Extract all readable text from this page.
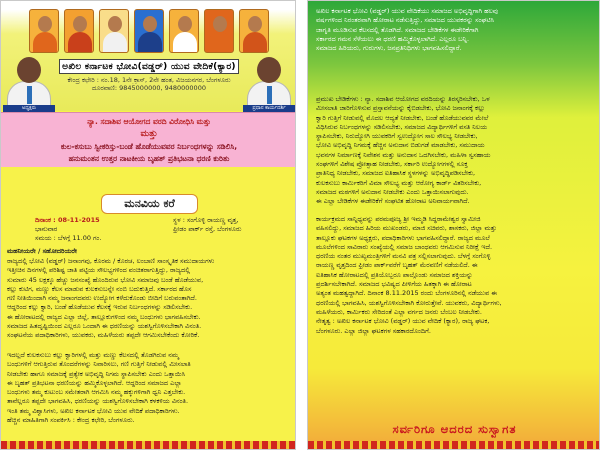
ಅಖಿಲ ಕರ್ನಾಟಕ ಭೋವಿ(ವಡ್ಡರ್) ಯುವ ವೇದಿಕೆ(ಕ್ಯಾರ)
ಕೇಂದ್ರ ಕಛೇರಿ : ನಂ.18, 1ನೇ ಕ್ರಾಸ್, 2ನೇ ಹಂತ, ವಿಜಯನಗರ, ಬೆಂಗಳೂರು
ದೂರವಾಣಿ: 9845000000, 9480000000
ಅಧ್ಯಕ್ಷರು	ಪ್ರಧಾನ ಕಾರ್ಯದರ್ಶಿ
ನ್ಯಾ. ಸದಾಶಿವ ಆಯೋಗದ ವರದಿ ವಿರೋಧಿಸಿ ಮತ್ತು
ಮತ್ತು
ಕುಲ-ಕಸುಬು ಸ್ವೀಕರಿಸ್ತು-ಬಂಡೆ ಹೊಡೆಯುವವರ ನಿರ್ಬಂಧಗಳನ್ನು ಸಡಿಲಿಸಿ,
ಹನುಮಂತನ ಉತ್ತರ ನಾಟಕೀಯ ಬೃಹತ್ ಪ್ರತಿಭಟನಾ ಧರಣಿ ಕುರಿತು
ಮನವಿಯ ಕರೆ
ದಿನಾಂಕ : 08-11-2015
ಭಾನುವಾರ
ಸಮಯ : ಬೆಳಗ್ಗೆ 11.00 ಗಂ.
ಸ್ಥಳ : ಸಂಗೊಳ್ಳಿ ರಾಯಣ್ಣ ವೃತ್ತ,
ಫ್ರೀಡಂ ಪಾರ್ಕ್ ರಸ್ತೆ, ಬೆಂಗಳೂರು
ಮಹನೀಯರೇ / ಸಹೋದರಿಯರೇ
ರಾಜ್ಯದಲ್ಲಿ ಭೋವಿ (ವಡ್ಡರ್) ಜನಾಂಗವು, ಕೊರಮ / ಕೊರಚ, ಲಂಬಾಣಿ ಸಾಂಸ್ಕೃತಿಕ ಸಮುದಾಯಗಳು
ಇತ್ತೀಚಿನ ದಿನಗಳಲ್ಲಿ ಪರಿಶಿಷ್ಟ ಜಾತಿ ಪಟ್ಟಿಯ ಸೌಲಭ್ಯಗಳಿಂದ ವಂಚಿತರಾಗುತ್ತಿದ್ದು, ರಾಜ್ಯದಲ್ಲಿ
ಸುಮಾರು 45 ಲಕ್ಷಕ್ಕೂ ಹೆಚ್ಚು ಜನಸಂಖ್ಯೆ ಹೊಂದಿರುವ ಭೋವಿ ಸಮಾಜವು ಬಂಡೆ ಹೊಡೆಯುವ,
ಕಲ್ಲು ಕುಟಿಗ, ಮಣ್ಣು ಕೆಲಸ ಮಾಡುವ ಕುಲಕಸುಬನ್ನೇ ನಂಬಿ ಬದುಕುತ್ತಿದೆ. ಸರ್ಕಾರದ ಹೊಸ
ಗಣಿ ನೀತಿಯಿಂದಾಗಿ ನಮ್ಮ ಜನಾಂಗದವರು ಉದ್ಯೋಗ ಕಳೆದುಕೊಂಡು ಬೀದಿಗೆ ಬರುವಂತಾಗಿದೆ.
ಆದ್ದರಿಂದ ಕಲ್ಲು ಕ್ವಾರಿ, ಬಂಡೆ ಹೊಡೆಯುವ ಕೆಲಸಕ್ಕೆ ಇರುವ ನಿರ್ಬಂಧಗಳನ್ನು ಸಡಿಲಿಸಬೇಕು.
ಈ ಹೋರಾಟದಲ್ಲಿ ರಾಜ್ಯದ ಎಲ್ಲಾ ಜಿಲ್ಲೆ, ತಾಲ್ಲೂಕುಗಳಿಂದ ನಮ್ಮ ಬಂಧುಗಳು ಭಾಗವಹಿಸಬೇಕು.
ಸಮಾಜದ ಹಿತದೃಷ್ಟಿಯಿಂದ ಎಲ್ಲರೂ ಒಂದಾಗಿ ಈ ಧರಣಿಯನ್ನು ಯಶಸ್ವಿಗೊಳಿಸಬೇಕಾಗಿ ವಿನಂತಿ.
ಸಂಘಟನೆಯ ಪದಾಧಿಕಾರಿಗಳು, ಯುವಕರು, ಮಹಿಳೆಯರು ತಪ್ಪದೇ ಆಗಮಿಸಬೇಕೆಂದು ಕೋರಿಕೆ.
ಇದಲ್ಲದೆ ಕುಲಕಸುಬು ಕಲ್ಲು ಕ್ವಾರಿಗಳಲ್ಲಿ ಮತ್ತು ಮಣ್ಣು ಕೆಲಸದಲ್ಲಿ ತೊಡಗಿರುವ ನಮ್ಮ
ಬಂಧುಗಳಿಗೆ ಆಗುತ್ತಿರುವ ತೊಂದರೆಗಳನ್ನು ನಿವಾರಿಸಲು, ಗಣಿ ಗುತ್ತಿಗೆ ನೀಡುವಲ್ಲಿ ಮೀಸಲಾತಿ
ನೀಡಬೇಕು ಹಾಗೂ ಸಮಾಜಕ್ಕೆ ಪ್ರತ್ಯೇಕ ಅಭಿವೃದ್ಧಿ ನಿಗಮ ಸ್ಥಾಪಿಸಬೇಕು ಎಂದು ಒತ್ತಾಯಿಸಿ
ಈ ಬೃಹತ್ ಪ್ರತಿಭಟನಾ ಧರಣಿಯನ್ನು ಹಮ್ಮಿಕೊಳ್ಳಲಾಗಿದೆ. ಆದ್ದರಿಂದ ಸಮಾಜದ ಎಲ್ಲಾ
ಬಂಧುಗಳು ತಮ್ಮ ಕುಟುಂಬ ಸಮೇತರಾಗಿ ಆಗಮಿಸಿ ನಮ್ಮ ಹಕ್ಕುಗಳಿಗಾಗಿ ಧ್ವನಿ ಎತ್ತಬೇಕು.
ತಾವೆಲ್ಲರೂ ತಪ್ಪದೇ ಭಾಗವಹಿಸಿ, ಧರಣಿಯನ್ನು ಯಶಸ್ವಿಗೊಳಿಸಬೇಕಾಗಿ ಕಳಕಳಿಯ ವಿನಂತಿ.
ಇಂತಿ ತಮ್ಮ ವಿಶ್ವಾಸಿಗಳು, ಅಖಿಲ ಕರ್ನಾಟಕ ಭೋವಿ ಯುವ ವೇದಿಕೆ ಪದಾಧಿಕಾರಿಗಳು.
ಹೆಚ್ಚಿನ ಮಾಹಿತಿಗಾಗಿ ಸಂಪರ್ಕಿಸಿ : ಕೇಂದ್ರ ಕಛೇರಿ, ಬೆಂಗಳೂರು.
ಅಖಿಲ ಕರ್ನಾಟಕ ಭೋವಿ (ವಡ್ಡರ್) ಯುವ ವೇದಿಕೆಯು ಸಮಾಜದ ಅಭಿವೃದ್ಧಿಗಾಗಿ ಹಲವು
ವರ್ಷಗಳಿಂದ ನಿರಂತರವಾಗಿ ಹೋರಾಟ ನಡೆಸುತ್ತಿದ್ದು, ಸಮಾಜದ ಯುವಕರನ್ನು ಸಂಘಟಿಸಿ
ಜಾಗೃತಿ ಮೂಡಿಸುವ ಕೆಲಸದಲ್ಲಿ ತೊಡಗಿದೆ. ಸಮಾಜದ ಬೇಡಿಕೆಗಳ ಈಡೇರಿಕೆಗಾಗಿ
ಸರ್ಕಾರದ ಗಮನ ಸೆಳೆಯಲು ಈ ಧರಣಿ ಹಮ್ಮಿಕೊಳ್ಳಲಾಗಿದೆ. ಎಲ್ಲರೂ ಬನ್ನಿ.
ಸಮಾಜದ ಹಿರಿಯರು, ಗುರುಗಳು, ಜನಪ್ರತಿನಿಧಿಗಳು ಭಾಗವಹಿಸಲಿದ್ದಾರೆ.
ಪ್ರಮುಖ ಬೇಡಿಕೆಗಳು : ನ್ಯಾ. ಸದಾಶಿವ ಆಯೋಗದ ವರದಿಯನ್ನು ತಿರಸ್ಕರಿಸಬೇಕು, ಒಳ
ಮೀಸಲಾತಿ ಜಾರಿಗೊಳಿಸುವ ಪ್ರಸ್ತಾವನೆಯನ್ನು ಕೈಬಿಡಬೇಕು, ಭೋವಿ ಜನಾಂಗಕ್ಕೆ ಕಲ್ಲು
ಕ್ವಾರಿ ಗುತ್ತಿಗೆ ನೀಡುವಲ್ಲಿ ಮೊದಲ ಆದ್ಯತೆ ನೀಡಬೇಕು, ಬಂಡೆ ಹೊಡೆಯುವವರ ಮೇಲೆ
ವಿಧಿಸಿರುವ ನಿರ್ಬಂಧಗಳನ್ನು ಸಡಿಲಿಸಬೇಕು, ಸಮಾಜದ ವಿದ್ಯಾರ್ಥಿಗಳಿಗೆ ವಸತಿ ನಿಲಯ
ಸ್ಥಾಪಿಸಬೇಕು, ನಿರುದ್ಯೋಗಿ ಯುವಕರಿಗೆ ಸ್ವಉದ್ಯೋಗ ಸಾಲ ಸೌಲಭ್ಯ ನೀಡಬೇಕು,
ಭೋವಿ ಅಭಿವೃದ್ಧಿ ನಿಗಮಕ್ಕೆ ಹೆಚ್ಚಿನ ಅನುದಾನ ಬಿಡುಗಡೆ ಮಾಡಬೇಕು, ಸಮುದಾಯ
ಭವನಗಳ ನಿರ್ಮಾಣಕ್ಕೆ ನಿವೇಶನ ಮತ್ತು ಅನುದಾನ ಒದಗಿಸಬೇಕು, ಮಹಿಳಾ ಸ್ವಸಹಾಯ
ಸಂಘಗಳಿಗೆ ವಿಶೇಷ ಪ್ರೋತ್ಸಾಹ ನೀಡಬೇಕು, ಸರ್ಕಾರಿ ಉದ್ಯೋಗಗಳಲ್ಲಿ ಸೂಕ್ತ
ಪ್ರಾತಿನಿಧ್ಯ ನೀಡಬೇಕು, ಸಮಾಜದ ಐತಿಹಾಸಿಕ ಸ್ಥಳಗಳನ್ನು ಅಭಿವೃದ್ಧಿಪಡಿಸಬೇಕು,
ಕುಲಕಸುಬು ಕಾರ್ಮಿಕರಿಗೆ ವಿಮಾ ಸೌಲಭ್ಯ ಮತ್ತು ಆರೋಗ್ಯ ಕಾರ್ಡ್ ವಿತರಿಸಬೇಕು,
ಸಮಾಜದ ಮಠಗಳಿಗೆ ಅನುದಾನ ನೀಡಬೇಕು ಎಂದು ಒತ್ತಾಯಿಸಲಾಗುವುದು.
ಈ ಎಲ್ಲಾ ಬೇಡಿಕೆಗಳ ಈಡೇರಿಕೆಗೆ ಸಂಘಟಿತ ಹೋರಾಟ ಅನಿವಾರ್ಯವಾಗಿದೆ.
ಕಾರ್ಯಕ್ರಮದ ಸಾನ್ನಿಧ್ಯವನ್ನು ಪರಮಪೂಜ್ಯ ಶ್ರೀ ಇಮ್ಮಡಿ ಸಿದ್ಧರಾಮೇಶ್ವರ ಸ್ವಾಮೀಜಿ
ವಹಿಸಲಿದ್ದು, ಸಮಾಜದ ಹಿರಿಯ ಮುಖಂಡರು, ಮಾಜಿ ಸಚಿವರು, ಶಾಸಕರು, ಜಿಲ್ಲಾ ಮತ್ತು
ತಾಲ್ಲೂಕು ಘಟಕಗಳ ಅಧ್ಯಕ್ಷರು, ಪದಾಧಿಕಾರಿಗಳು ಭಾಗವಹಿಸಲಿದ್ದಾರೆ. ರಾಜ್ಯದ ಮೂಲೆ
ಮೂಲೆಗಳಿಂದ ಸಾವಿರಾರು ಸಂಖ್ಯೆಯಲ್ಲಿ ಸಮಾಜ ಬಾಂಧವರು ಆಗಮಿಸುವ ನಿರೀಕ್ಷೆ ಇದೆ.
ಧರಣಿಯ ನಂತರ ಮುಖ್ಯಮಂತ್ರಿಗಳಿಗೆ ಮನವಿ ಪತ್ರ ಸಲ್ಲಿಸಲಾಗುವುದು. ಬೆಳಗ್ಗೆ ಸಂಗೊಳ್ಳಿ
ರಾಯಣ್ಣ ವೃತ್ತದಿಂದ ಫ್ರೀಡಂ ಪಾರ್ಕ್‌ವರೆಗೆ ಬೃಹತ್ ಮೆರವಣಿಗೆ ನಡೆಯಲಿದೆ. ಈ
ಐತಿಹಾಸಿಕ ಹೋರಾಟದಲ್ಲಿ ಪ್ರತಿಯೊಬ್ಬರೂ ಪಾಲ್ಗೊಂಡು ಸಮಾಜದ ಶಕ್ತಿಯನ್ನು
ಪ್ರದರ್ಶಿಸಬೇಕಾಗಿದೆ. ಸಮಾಜದ ಭವಿಷ್ಯದ ಪೀಳಿಗೆಯ ಹಿತಕ್ಕಾಗಿ ಈ ಹೋರಾಟ
ಅತ್ಯಂತ ಮಹತ್ವದ್ದಾಗಿದೆ. ದಿನಾಂಕ 8.11.2015 ರಂದು ಬೆಂಗಳೂರಿನಲ್ಲಿ ನಡೆಯುವ ಈ
ಧರಣಿಯಲ್ಲಿ ಭಾಗವಹಿಸಿ, ಯಶಸ್ವಿಗೊಳಿಸಬೇಕಾಗಿ ಕೋರುತ್ತೇವೆ. ಯುವಕರು, ವಿದ್ಯಾರ್ಥಿಗಳು,
ಮಹಿಳೆಯರು, ಕಾರ್ಮಿಕರು ಸೇರಿದಂತೆ ಎಲ್ಲಾ ವರ್ಗದ ಜನರು ಬೆಂಬಲ ನೀಡಬೇಕು.
ನೇತೃತ್ವ : ಅಖಿಲ ಕರ್ನಾಟಕ ಭೋವಿ (ವಡ್ಡರ್) ಯುವ ವೇದಿಕೆ (ಕ್ಯಾರ), ರಾಜ್ಯ ಘಟಕ,
ಬೆಂಗಳೂರು. ಎಲ್ಲಾ ಜಿಲ್ಲಾ ಘಟಕಗಳ ಸಹಕಾರದೊಂದಿಗೆ.
ಸರ್ವರಿಗೂ ಆದರದ ಸುಸ್ವಾಗತ
